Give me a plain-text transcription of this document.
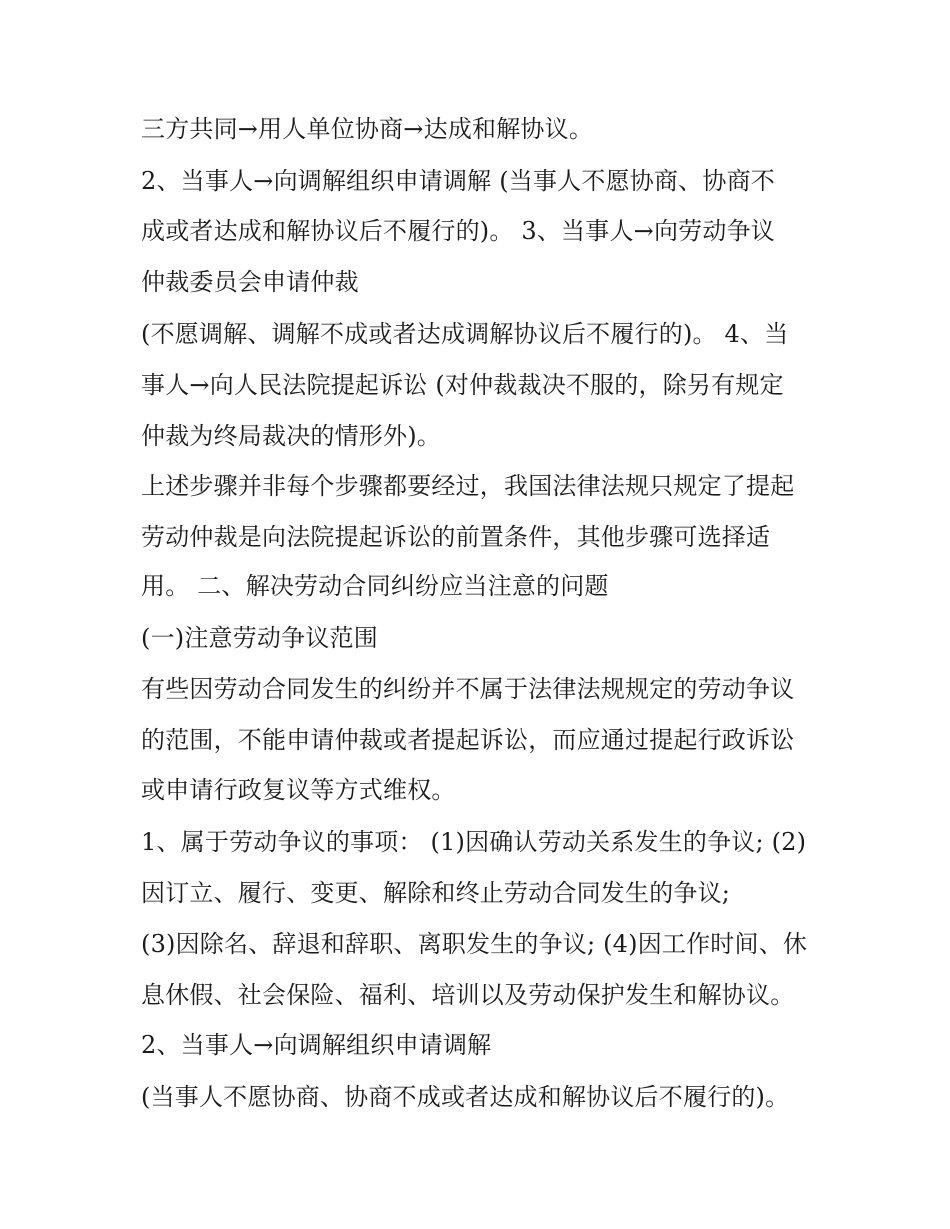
三方共同→用人单位协商→达成和解协议。
2、当事人→向调解组织申请调解 (当事人不愿协商、协商不
成或者达成和解协议后不履行的)。 3、当事人→向劳动争议
仲裁委员会申请仲裁
(不愿调解、调解不成或者达成调解协议后不履行的)。 4、当
事人→向人民法院提起诉讼 (对仲裁裁决不服的，除另有规定
仲裁为终局裁决的情形外)。
上述步骤并非每个步骤都要经过，我国法律法规只规定了提起
劳动仲裁是向法院提起诉讼的前置条件，其他步骤可选择适
用。 二、解决劳动合同纠纷应当注意的问题
(一)注意劳动争议范围
有些因劳动合同发生的纠纷并不属于法律法规规定的劳动争议
的范围，不能申请仲裁或者提起诉讼，而应通过提起行政诉讼
或申请行政复议等方式维权。
1、属于劳动争议的事项： (1)因确认劳动关系发生的争议; (2)
因订立、履行、变更、解除和终止劳动合同发生的争议;
(3)因除名、辞退和辞职、离职发生的争议; (4)因工作时间、休
息休假、社会保险、福利、培训以及劳动保护发生和解协议。
2、当事人→向调解组织申请调解
(当事人不愿协商、协商不成或者达成和解协议后不履行的)。
